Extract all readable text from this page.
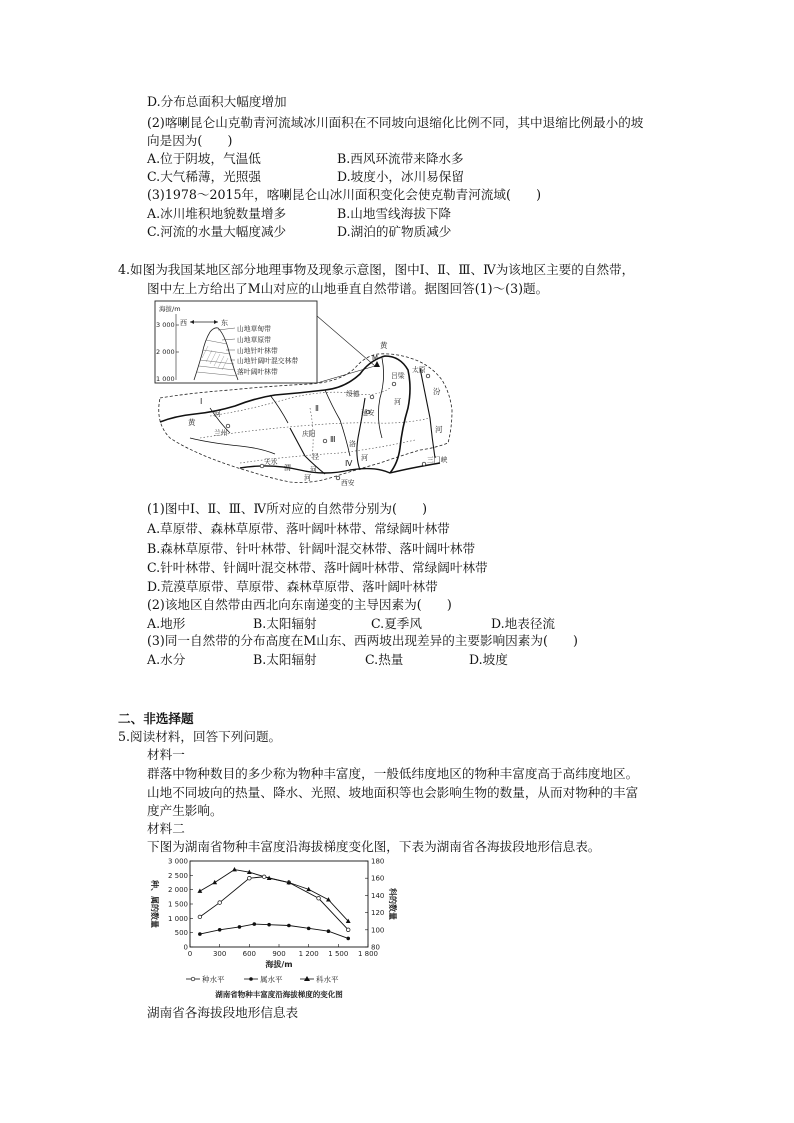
D.分布总面积大幅度增加
(2)喀喇昆仑山克勒青河流域冰川面积在不同坡向退缩化比例不同，其中退缩比例最小的坡
向是因为(　　)
A.位于阴坡，气温低	B.西风环流带来降水多
C.大气稀薄，光照强	D.坡度小，冰川易保留
(3)1978～2015年，喀喇昆仑山冰川面积变化会使克勒青河流域(　　)
A.冰川堆积地貌数量增多	B.山地雪线海拔下降
C.河流的水量大幅度减少	D.湖泊的矿物质减少
4.如图为我国某地区部分地理事物及现象示意图，图中Ⅰ、Ⅱ、Ⅲ、Ⅳ为该地区主要的自然带，
图中左上方给出了M山对应的山地垂直自然带谱。据图回答(1)～(3)题。
海拔/m
3 000
2 000
1 000
西	东
山地草甸带
山地草原带
山地针叶林带
山地针阔叶混交林带
落叶阔叶林带
黄
M
太原
吕梁
汾
绥德
延安
河
河
黄
河
兰州	庆阳
洛
河
天水
泾
河
渭
河
三门峡
西安
Ⅰ
Ⅱ
Ⅲ
Ⅳ
(1)图中Ⅰ、Ⅱ、Ⅲ、Ⅳ所对应的自然带分别为(　　)
A.草原带、森林草原带、落叶阔叶林带、常绿阔叶林带
B.森林草原带、针叶林带、针阔叶混交林带、落叶阔叶林带
C.针叶林带、针阔叶混交林带、落叶阔叶林带、常绿阔叶林带
D.荒漠草原带、草原带、森林草原带、落叶阔叶林带
(2)该地区自然带由西北向东南递变的主导因素为(　　)
A.地形	B.太阳辐射	C.夏季风	D.地表径流
(3)同一自然带的分布高度在M山东、西两坡出现差异的主要影响因素为(　　)
A.水分	B.太阳辐射	C.热量	D.坡度
二、非选择题
5.阅读材料，回答下列问题。
材料一
群落中物种数目的多少称为物种丰富度，一般低纬度地区的物种丰富度高于高纬度地区。
山地不同坡向的热量、降水、光照、坡地面积等也会影响生物的数量，从而对物种的丰富
度产生影响。
材料二
下图为湖南省物种丰富度沿海拔梯度变化图，下表为湖南省各海拔段地形信息表。
0	300 600 900 1 200 1 500 1 800
3 000
2 500
2 000
1 500
1 000
500
0
180
160
140
120
100
80
种、属的数量	科的数量
海拔/m
种水平	属水平	科水平
湖南省物种丰富度沿海拔梯度的变化图
湖南省各海拔段地形信息表
